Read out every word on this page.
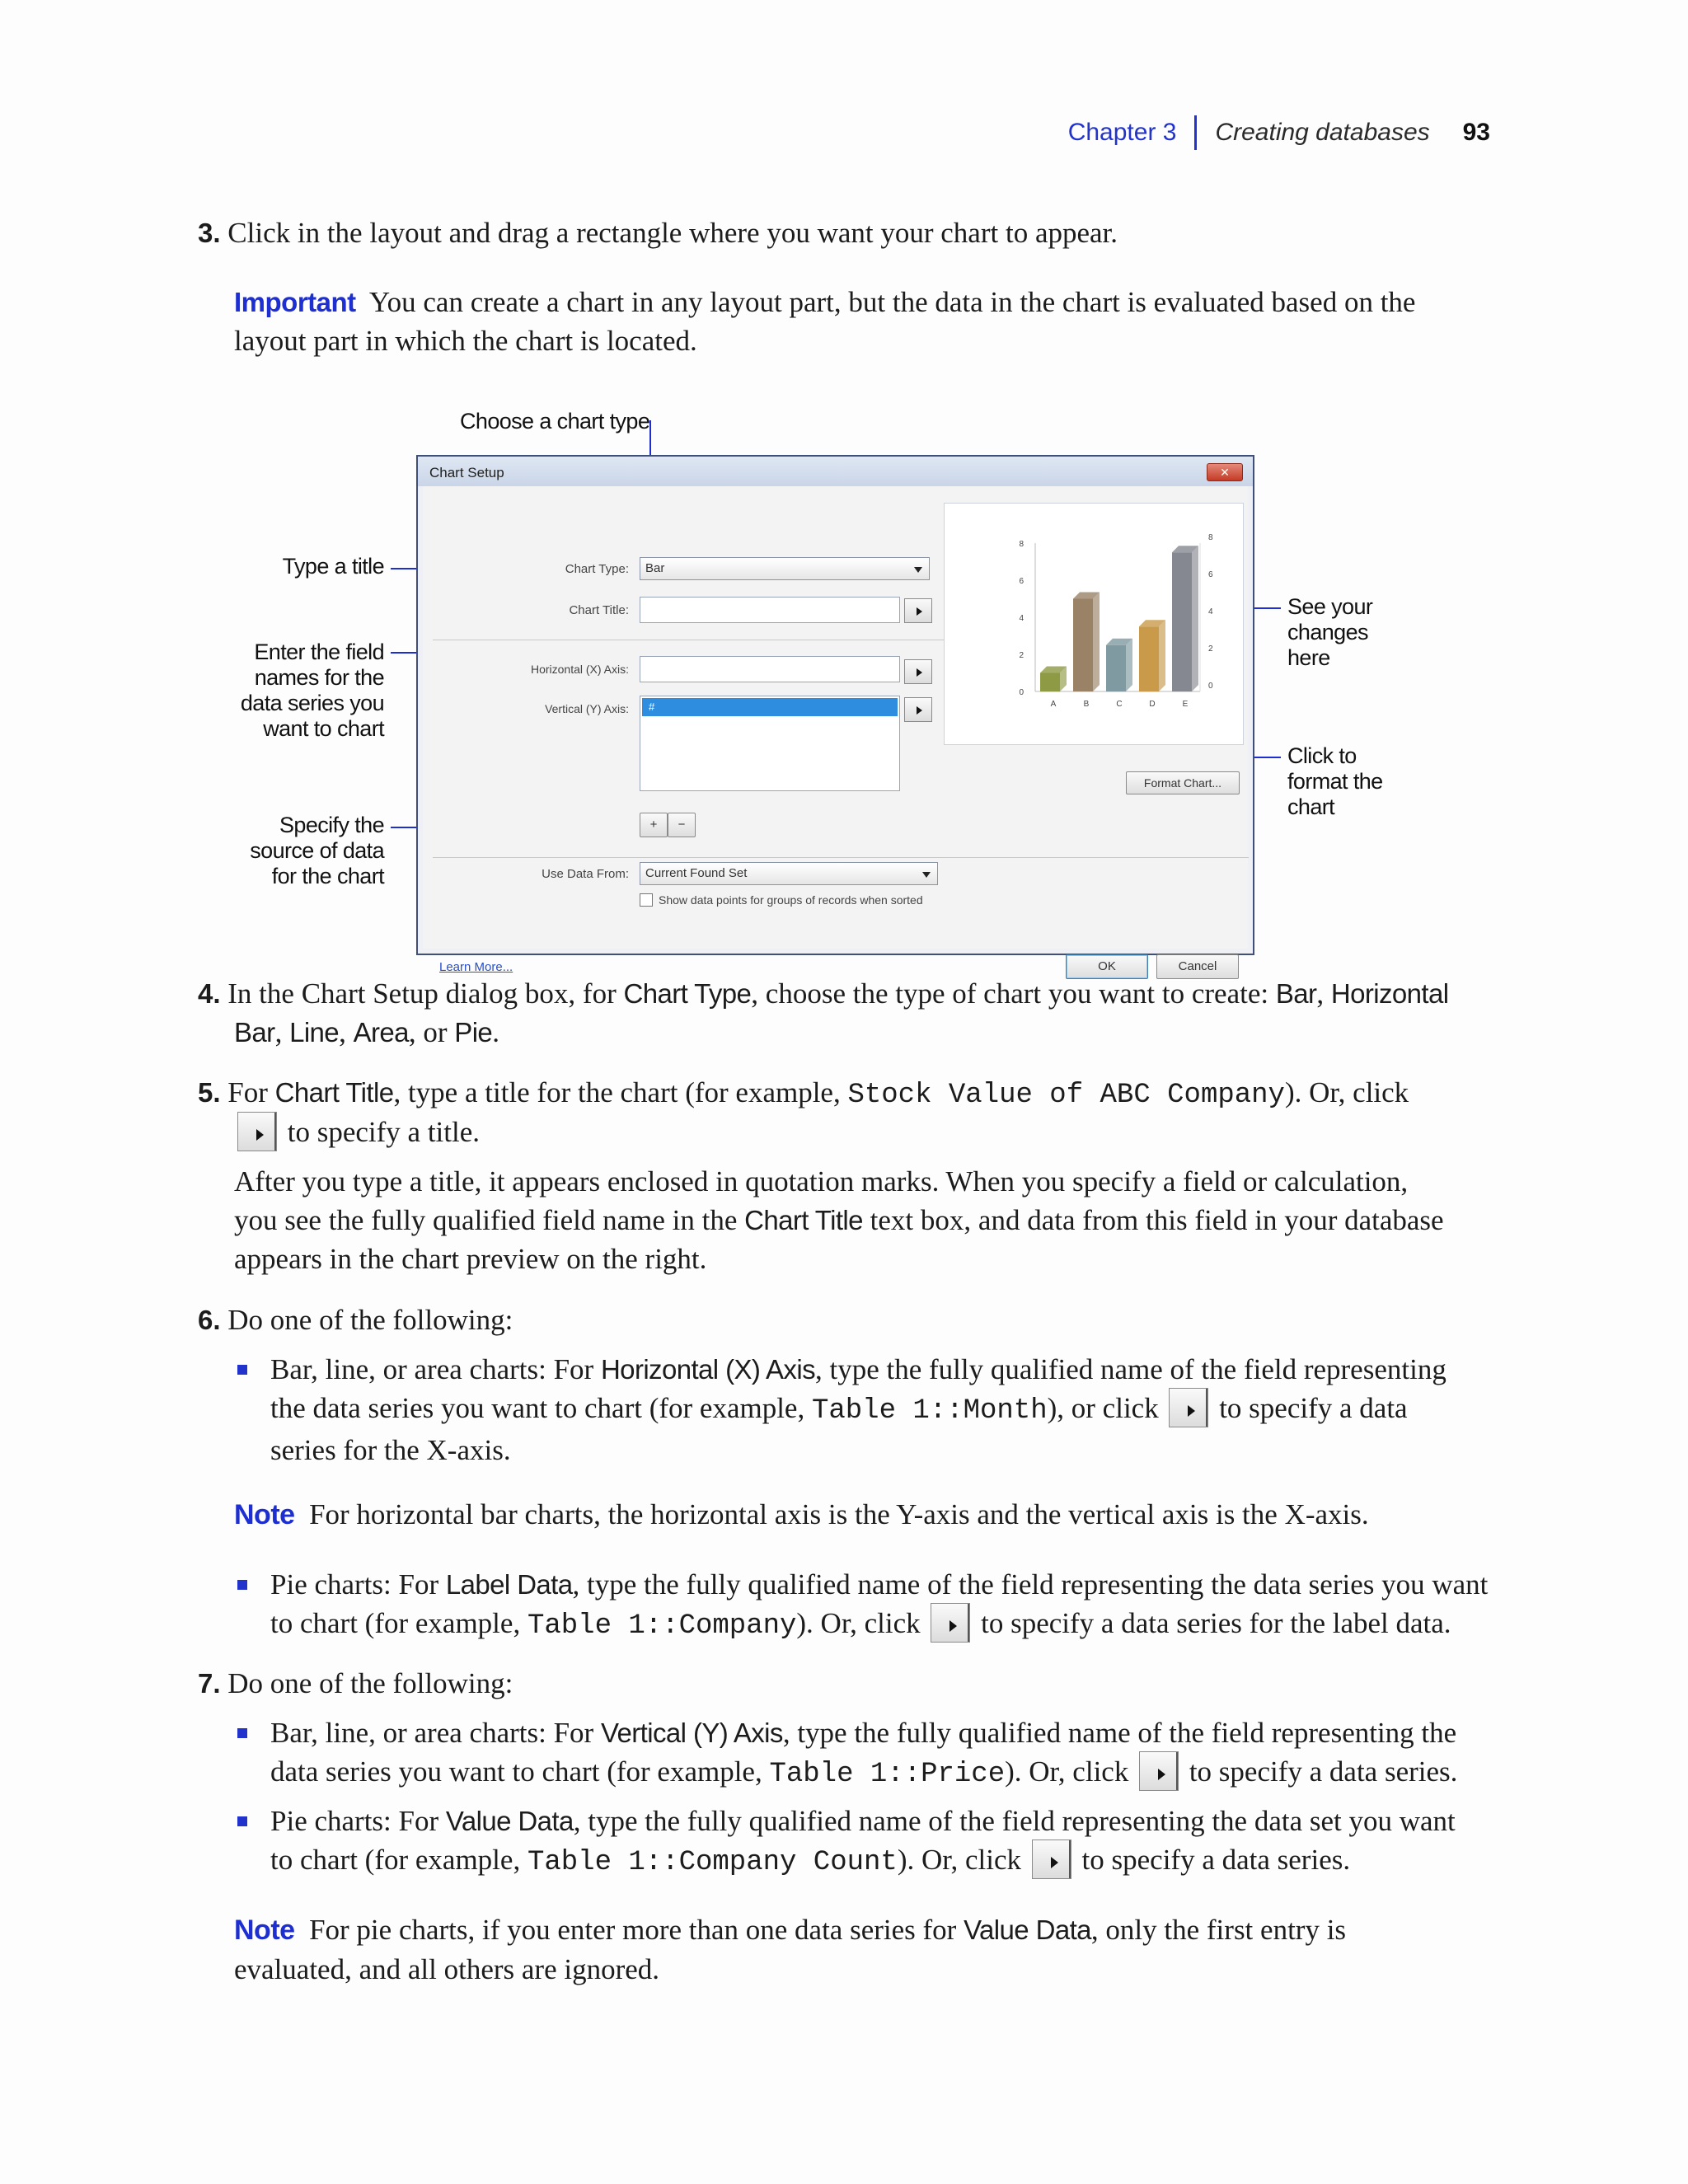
Chapter 3 Creating databases 93
3. Click in the layout and drag a rectangle where you want your chart to appear.
Important You can create a chart in any layout part, but the data in the chart is evaluated based on the
layout part in which the chart is located.
Choose a chart type
Type a title
Enter the field
names for the
data series you
want to chart
Specify the
source of data
for the chart
See your
changes
here
Click to
format the
chart
Chart Setup	✕
Chart Type:	Bar
Chart Title:
Horizontal (X) Axis:
Vertical (Y) Axis:	#
+	−
Use Data From:	Current Found Set
Show data points for groups of records when sorted
Learn More...
0
2
4
6
8
0
2
4
6
8
A	B	C	D	E
Format Chart...
OK	Cancel
4. In the Chart Setup dialog box, for Chart Type, choose the type of chart you want to create: Bar, Horizontal
Bar, Line, Area, or Pie.
5. For Chart Title, type a title for the chart (for example, Stock Value of ABC Company). Or, click
to specify a title.
After you type a title, it appears enclosed in quotation marks. When you specify a field or calculation,
you see the fully qualified field name in the Chart Title text box, and data from this field in your database
appears in the chart preview on the right.
6. Do one of the following:
Bar, line, or area charts: For Horizontal (X) Axis, type the fully qualified name of the field representing
the data series you want to chart (for example, Table 1::Month), or click to specify a data
series for the X-axis.
Note For horizontal bar charts, the horizontal axis is the Y-axis and the vertical axis is the X-axis.
Pie charts: For Label Data, type the fully qualified name of the field representing the data series you want
to chart (for example, Table 1::Company). Or, click to specify a data series for the label data.
7. Do one of the following:
Bar, line, or area charts: For Vertical (Y) Axis, type the fully qualified name of the field representing the
data series you want to chart (for example, Table 1::Price). Or, click to specify a data series.
Pie charts: For Value Data, type the fully qualified name of the field representing the data set you want
to chart (for example, Table 1::Company Count). Or, click to specify a data series.
Note For pie charts, if you enter more than one data series for Value Data, only the first entry is
evaluated, and all others are ignored.
